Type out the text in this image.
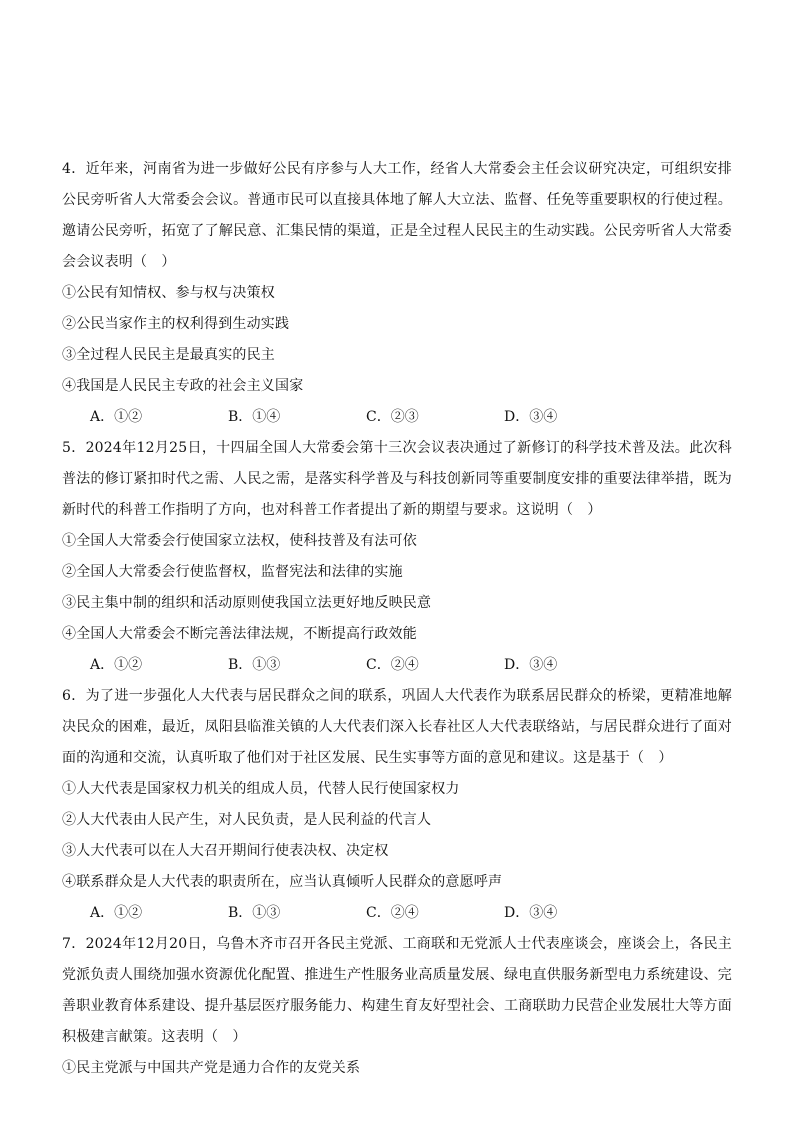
4．近年来，河南省为进一步做好公民有序参与人大工作，经省人大常委会主任会议研究决定，可组织安排公民旁听省人大常委会会议。普通市民可以直接具体地了解人大立法、监督、任免等重要职权的行使过程。邀请公民旁听，拓宽了了解民意、汇集民情的渠道，正是全过程人民民主的生动实践。公民旁听省人大常委会会议表明（　）

①公民有知情权、参与权与决策权

②公民当家作主的权利得到生动实践

③全过程人民民主是最真实的民主

④我国是人民民主专政的社会主义国家

A．①②	B．①④	C．②③	D．③④

5．2024年12月25日，十四届全国人大常委会第十三次会议表决通过了新修订的科学技术普及法。此次科普法的修订紧扣时代之需、人民之需，是落实科学普及与科技创新同等重要制度安排的重要法律举措，既为新时代的科普工作指明了方向，也对科普工作者提出了新的期望与要求。这说明（　）

①全国人大常委会行使国家立法权，使科技普及有法可依

②全国人大常委会行使监督权，监督宪法和法律的实施

③民主集中制的组织和活动原则使我国立法更好地反映民意

④全国人大常委会不断完善法律法规，不断提高行政效能

A．①②	B．①③	C．②④	D．③④

6．为了进一步强化人大代表与居民群众之间的联系，巩固人大代表作为联系居民群众的桥梁，更精准地解决民众的困难，最近，凤阳县临淮关镇的人大代表们深入长春社区人大代表联络站，与居民群众进行了面对面的沟通和交流，认真听取了他们对于社区发展、民生实事等方面的意见和建议。这是基于（　）

①人大代表是国家权力机关的组成人员，代替人民行使国家权力

②人大代表由人民产生，对人民负责，是人民利益的代言人

③人大代表可以在人大召开期间行使表决权、决定权

④联系群众是人大代表的职责所在，应当认真倾听人民群众的意愿呼声

A．①②	B．①③	C．②④	D．③④

7．2024年12月20日，乌鲁木齐市召开各民主党派、工商联和无党派人士代表座谈会，座谈会上，各民主党派负责人围绕加强水资源优化配置、推进生产性服务业高质量发展、绿电直供服务新型电力系统建设、完善职业教育体系建设、提升基层医疗服务能力、构建生育友好型社会、工商联助力民营企业发展壮大等方面积极建言献策。这表明（　）

①民主党派与中国共产党是通力合作的友党关系
